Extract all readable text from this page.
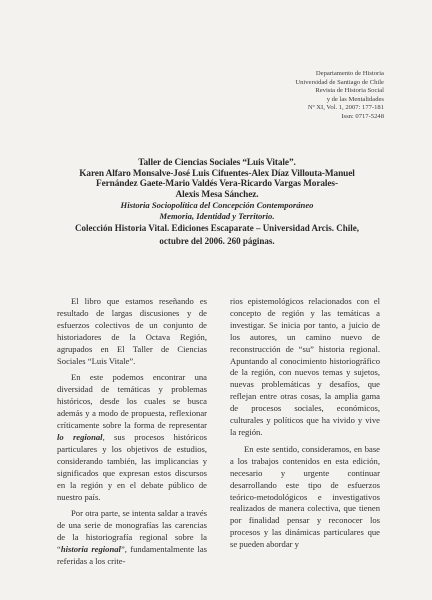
Departamento de Historia
Universidad de Santiago de Chile
Revista de Historia Social
y de las Mentalidades
Nº XI, Vol. 1, 2007: 177-181
Issn: 0717-5248
Taller de Ciencias Sociales “Luis Vitale”.
Karen Alfaro Monsalve-José Luis Cifuentes-Alex Díaz Villouta-Manuel
Fernández Gaete-Mario Valdés Vera-Ricardo Vargas Morales-
Alexis Mesa Sánchez.
Historia Sociopolítica del Concepción Contemporáneo
Memoria, Identidad y Territorio.
Colección Historia Vital. Ediciones Escaparate – Universidad Arcis. Chile,
octubre del 2006. 260 páginas.

El libro que estamos reseñando es resultado de largas discusiones y de esfuerzos colectivos de un conjunto de historiadores de la Octava Región, agrupados en El Taller de Ciencias Sociales “Luis Vitale”.

En este podemos encontrar una diversidad de temáticas y problemas históricos, desde los cuales se busca además y a modo de propuesta, reflexionar críticamente sobre la forma de representar lo regional, sus procesos históricos particulares y los objetivos de estudios, considerando también, las implicancias y significados que expresan estos discursos en la región y en el debate público de nuestro país.

Por otra parte, se intenta saldar a través de una serie de monografías las carencias de la historiografía regional sobre la “historia regional”, fundamentalmente las referidas a los crite-

rios epistemológicos relacionados con el concepto de región y las temáticas a investigar. Se inicia por tanto, a juicio de los autores, un camino nuevo de reconstrucción de “su” historia regional. Apuntando al conocimiento historiográfico de la región, con nuevos temas y sujetos, nuevas problemáticas y desafíos, que reflejan entre otras cosas, la amplia gama de procesos sociales, económicos, culturales y políticos que ha vivido y vive la región.

En este sentido, consideramos, en base a los trabajos contenidos en esta edición, necesario y urgente continuar desarrollando este tipo de esfuerzos teórico-metodológicos e investigativos realizados de manera colectiva, que tienen por finalidad pensar y reconocer los procesos y las dinámicas particulares que se pueden abordar y
